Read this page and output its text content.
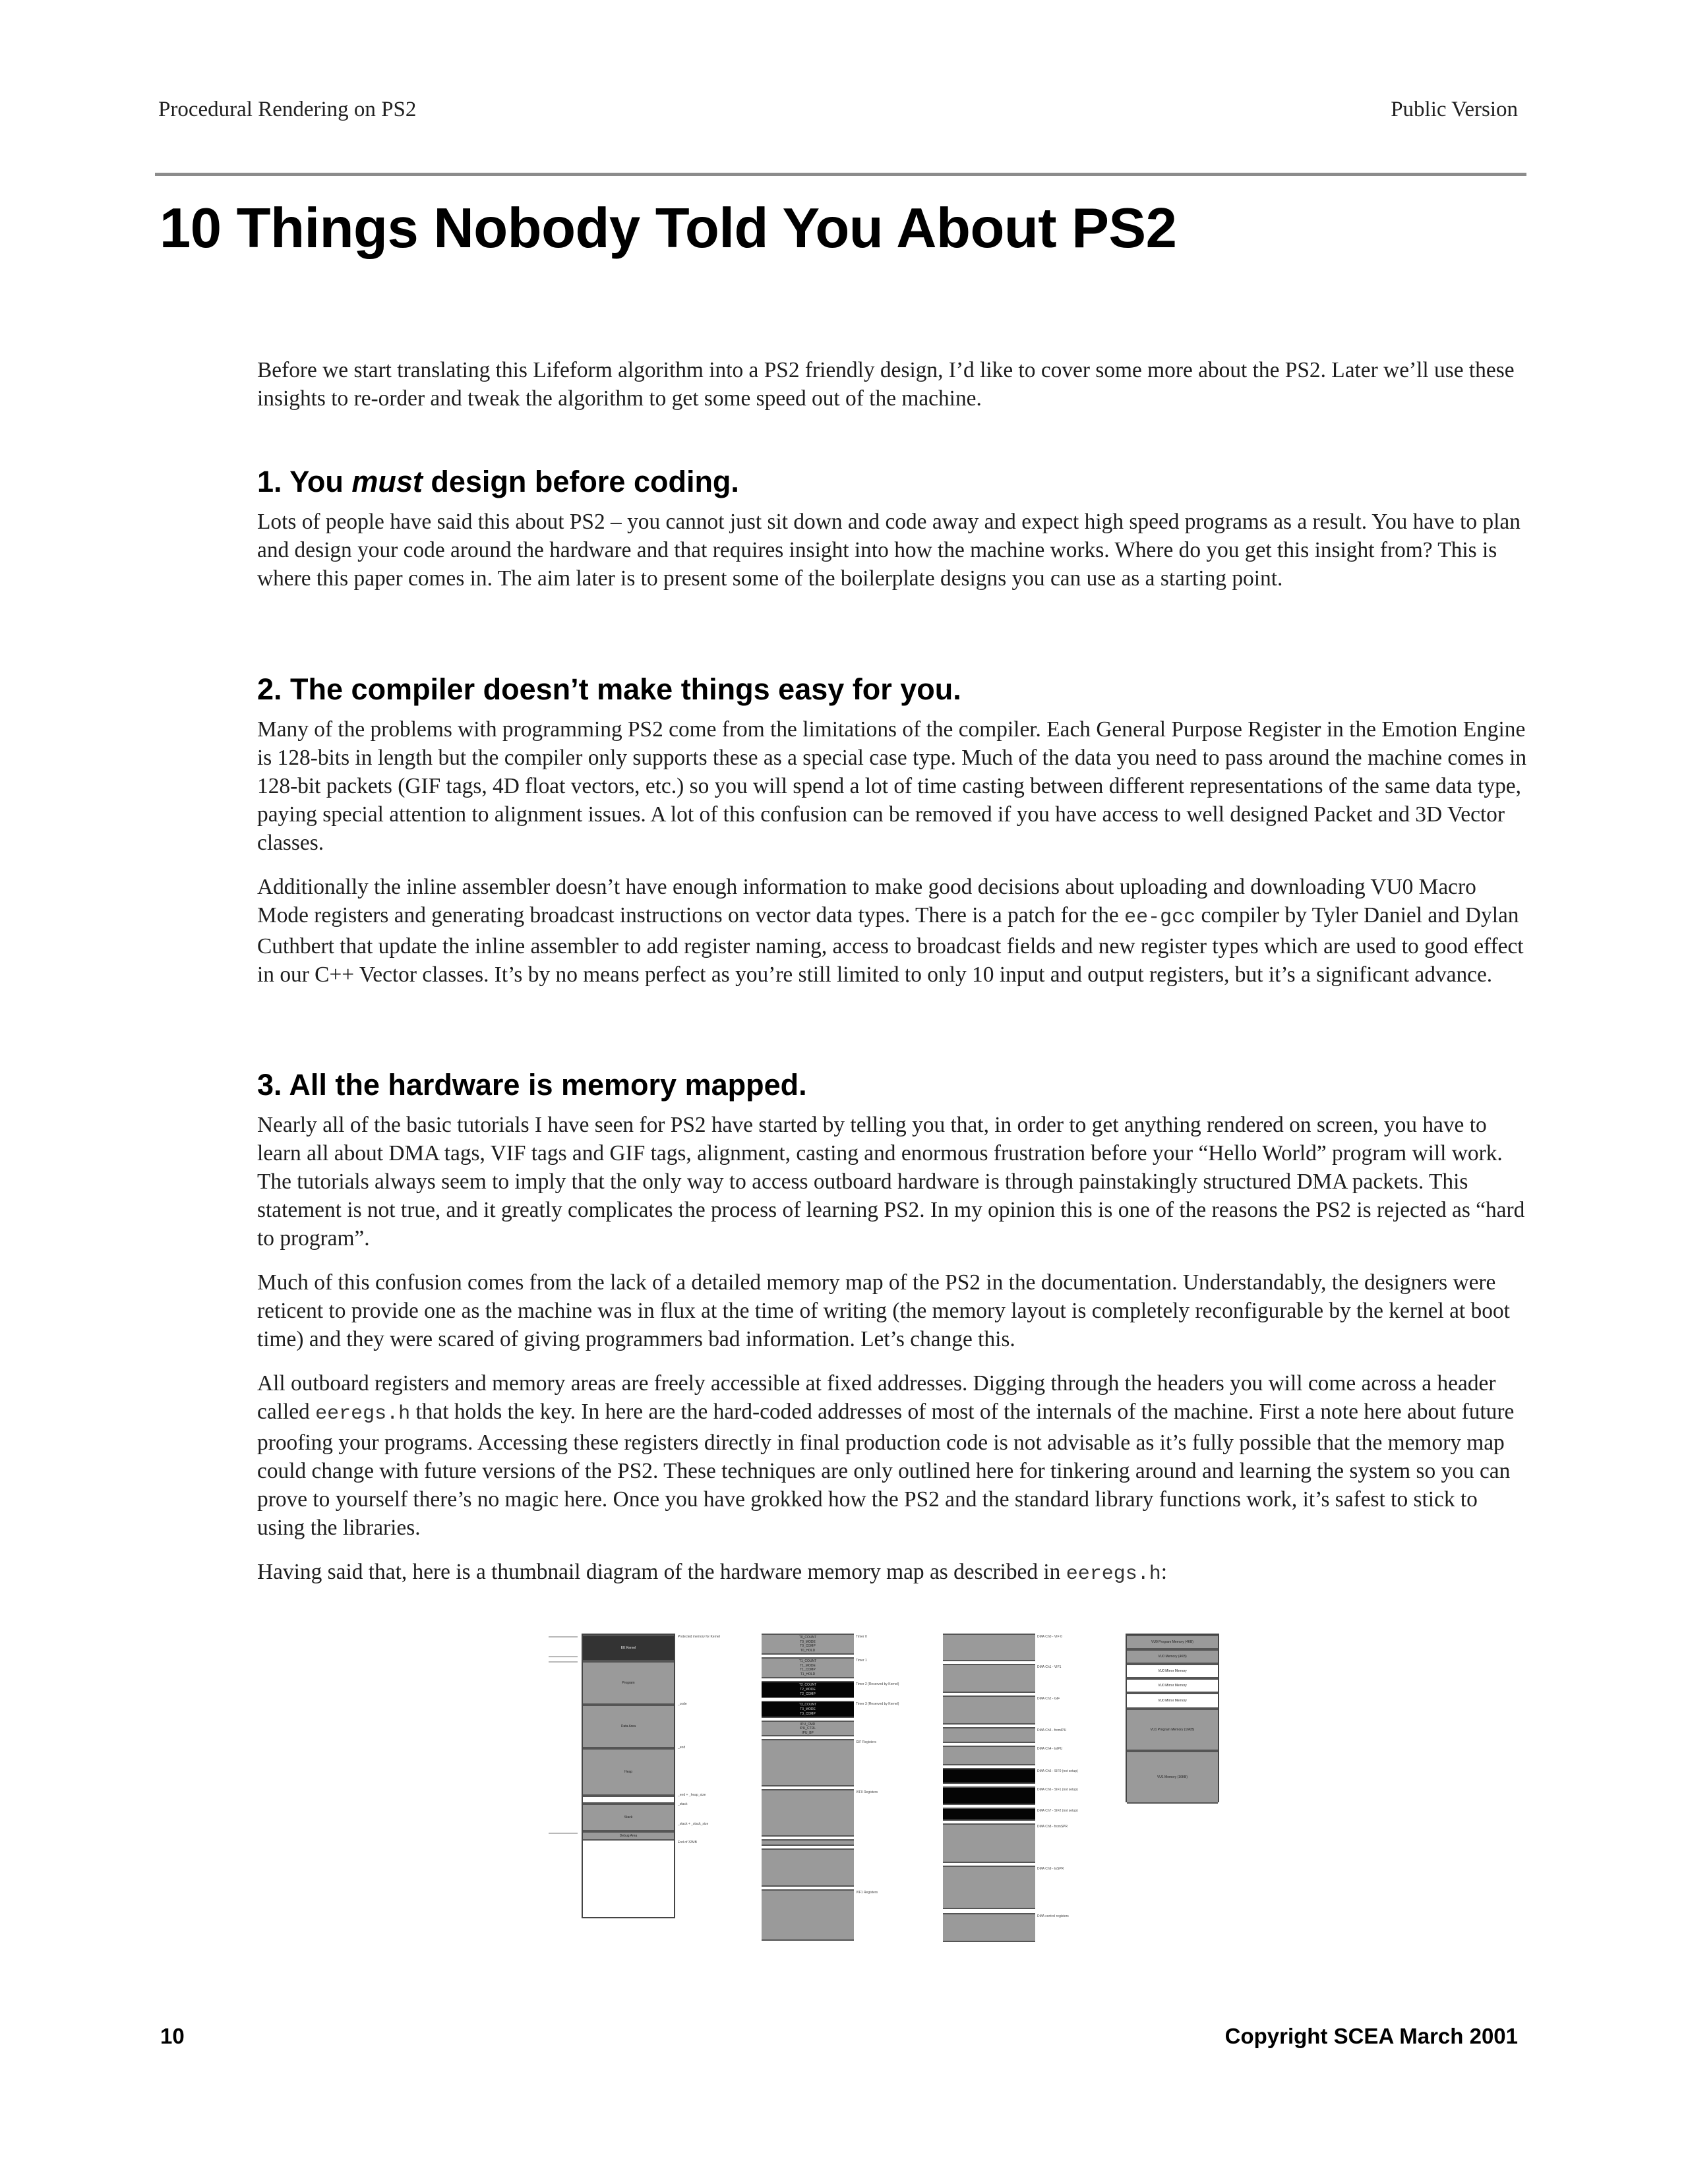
Procedural Rendering on PS2	Public Version
10 Things Nobody Told You About PS2

Before we start translating this Lifeform algorithm into a PS2 friendly design, I’d like to cover some more about the PS2. Later we’ll use these insights to re-order and tweak the algorithm to get some speed out of the machine.

1. You must design before coding.

Lots of people have said this about PS2 – you cannot just sit down and code away and expect high speed programs as a result. You have to plan and design your code around the hardware and that requires insight into how the machine works. Where do you get this insight from? This is where this paper comes in. The aim later is to present some of the boilerplate designs you can use as a starting point.

2. The compiler doesn’t make things easy for you.

Many of the problems with programming PS2 come from the limitations of the compiler. Each General Purpose Register in the Emotion Engine is 128-bits in length but the compiler only supports these as a special case type. Much of the data you need to pass around the machine comes in 128-bit packets (GIF tags, 4D float vectors, etc.) so you will spend a lot of time casting between different representations of the same data type, paying special attention to alignment issues. A lot of this confusion can be removed if you have access to well designed Packet and 3D Vector classes.

Additionally the inline assembler doesn’t have enough information to make good decisions about uploading and downloading VU0 Macro Mode registers and generating broadcast instructions on vector data types. There is a patch for the ee-gcc compiler by Tyler Daniel and Dylan Cuthbert that update the inline assembler to add register naming, access to broadcast fields and new register types which are used to good effect in our C++ Vector classes. It’s by no means perfect as you’re still limited to only 10 input and output registers, but it’s a significant advance.

3. All the hardware is memory mapped.

Nearly all of the basic tutorials I have seen for PS2 have started by telling you that, in order to get anything rendered on screen, you have to learn all about DMA tags, VIF tags and GIF tags, alignment, casting and enormous frustration before your “Hello World” program will work. The tutorials always seem to imply that the only way to access outboard hardware is through painstakingly structured DMA packets. This statement is not true, and it greatly complicates the process of learning PS2. In my opinion this is one of the reasons the PS2 is rejected as “hard to program”.

Much of this confusion comes from the lack of a detailed memory map of the PS2 in the documentation. Understandably, the designers were reticent to provide one as the machine was in flux at the time of writing (the memory layout is completely reconfigurable by the kernel at boot time) and they were scared of giving programmers bad information. Let’s change this.

All outboard registers and memory areas are freely accessible at fixed addresses. Digging through the headers you will come across a header called eeregs.h that holds the key. In here are the hard-coded addresses of most of the internals of the machine. First a note here about future proofing your programs. Accessing these registers directly in final production code is not advisable as it’s fully possible that the memory map could change with future versions of the PS2. These techniques are only outlined here for tinkering around and learning the system so you can prove to yourself there’s no magic here. Once you have grokked how the PS2 and the standard library functions work, it’s safest to stick to using the libraries.

Having said that, here is a thumbnail diagram of the hardware memory map as described in eeregs.h:

EE Kernel
Program
Data Area
Heap
Stack
Debug Area
Protected memory for Kernel
_code
_end
_end + _heap_size
_stack
_stack + _stack_size
End of 32MB
T0_COUNT
T0_MODE
T0_COMP
T0_HOLD
T1_COUNT
T1_MODE
T1_COMP
T1_HOLD
T2_COUNT
T2_MODE
T2_COMP
T3_COUNT
T3_MODE
T3_COMP
IPU_CMD
IPU_CTRL
IPU_BP
Timer 0
Timer 1
Timer 2 (Reserved by Kernel)
Timer 3 (Reserved by Kernel)
GIF Registers
VIF0 Registers
VIF1 Registers
DMA Ch0 - VIF 0
DMA Ch1 - VIF1
DMA Ch2 - GIF
DMA Ch3 - fromIPU
DMA Ch4 - toIPU
DMA Ch5 - SIF0 (not setup)
DMA Ch6 - SIF1 (not setup)
DMA Ch7 - SIF2 (not setup)
DMA Ch8 - fromSPR
DMA Ch9 - toSPR
DMA control registers
VU0 Program Memory (4KB)
VU0 Memory (4KB)
VU0 Mirror Memory
VU0 Mirror Memory
VU0 Mirror Memory
VU1 Program Memory (16KB)
VU1 Memory (16KB)
10	Copyright SCEA March 2001
